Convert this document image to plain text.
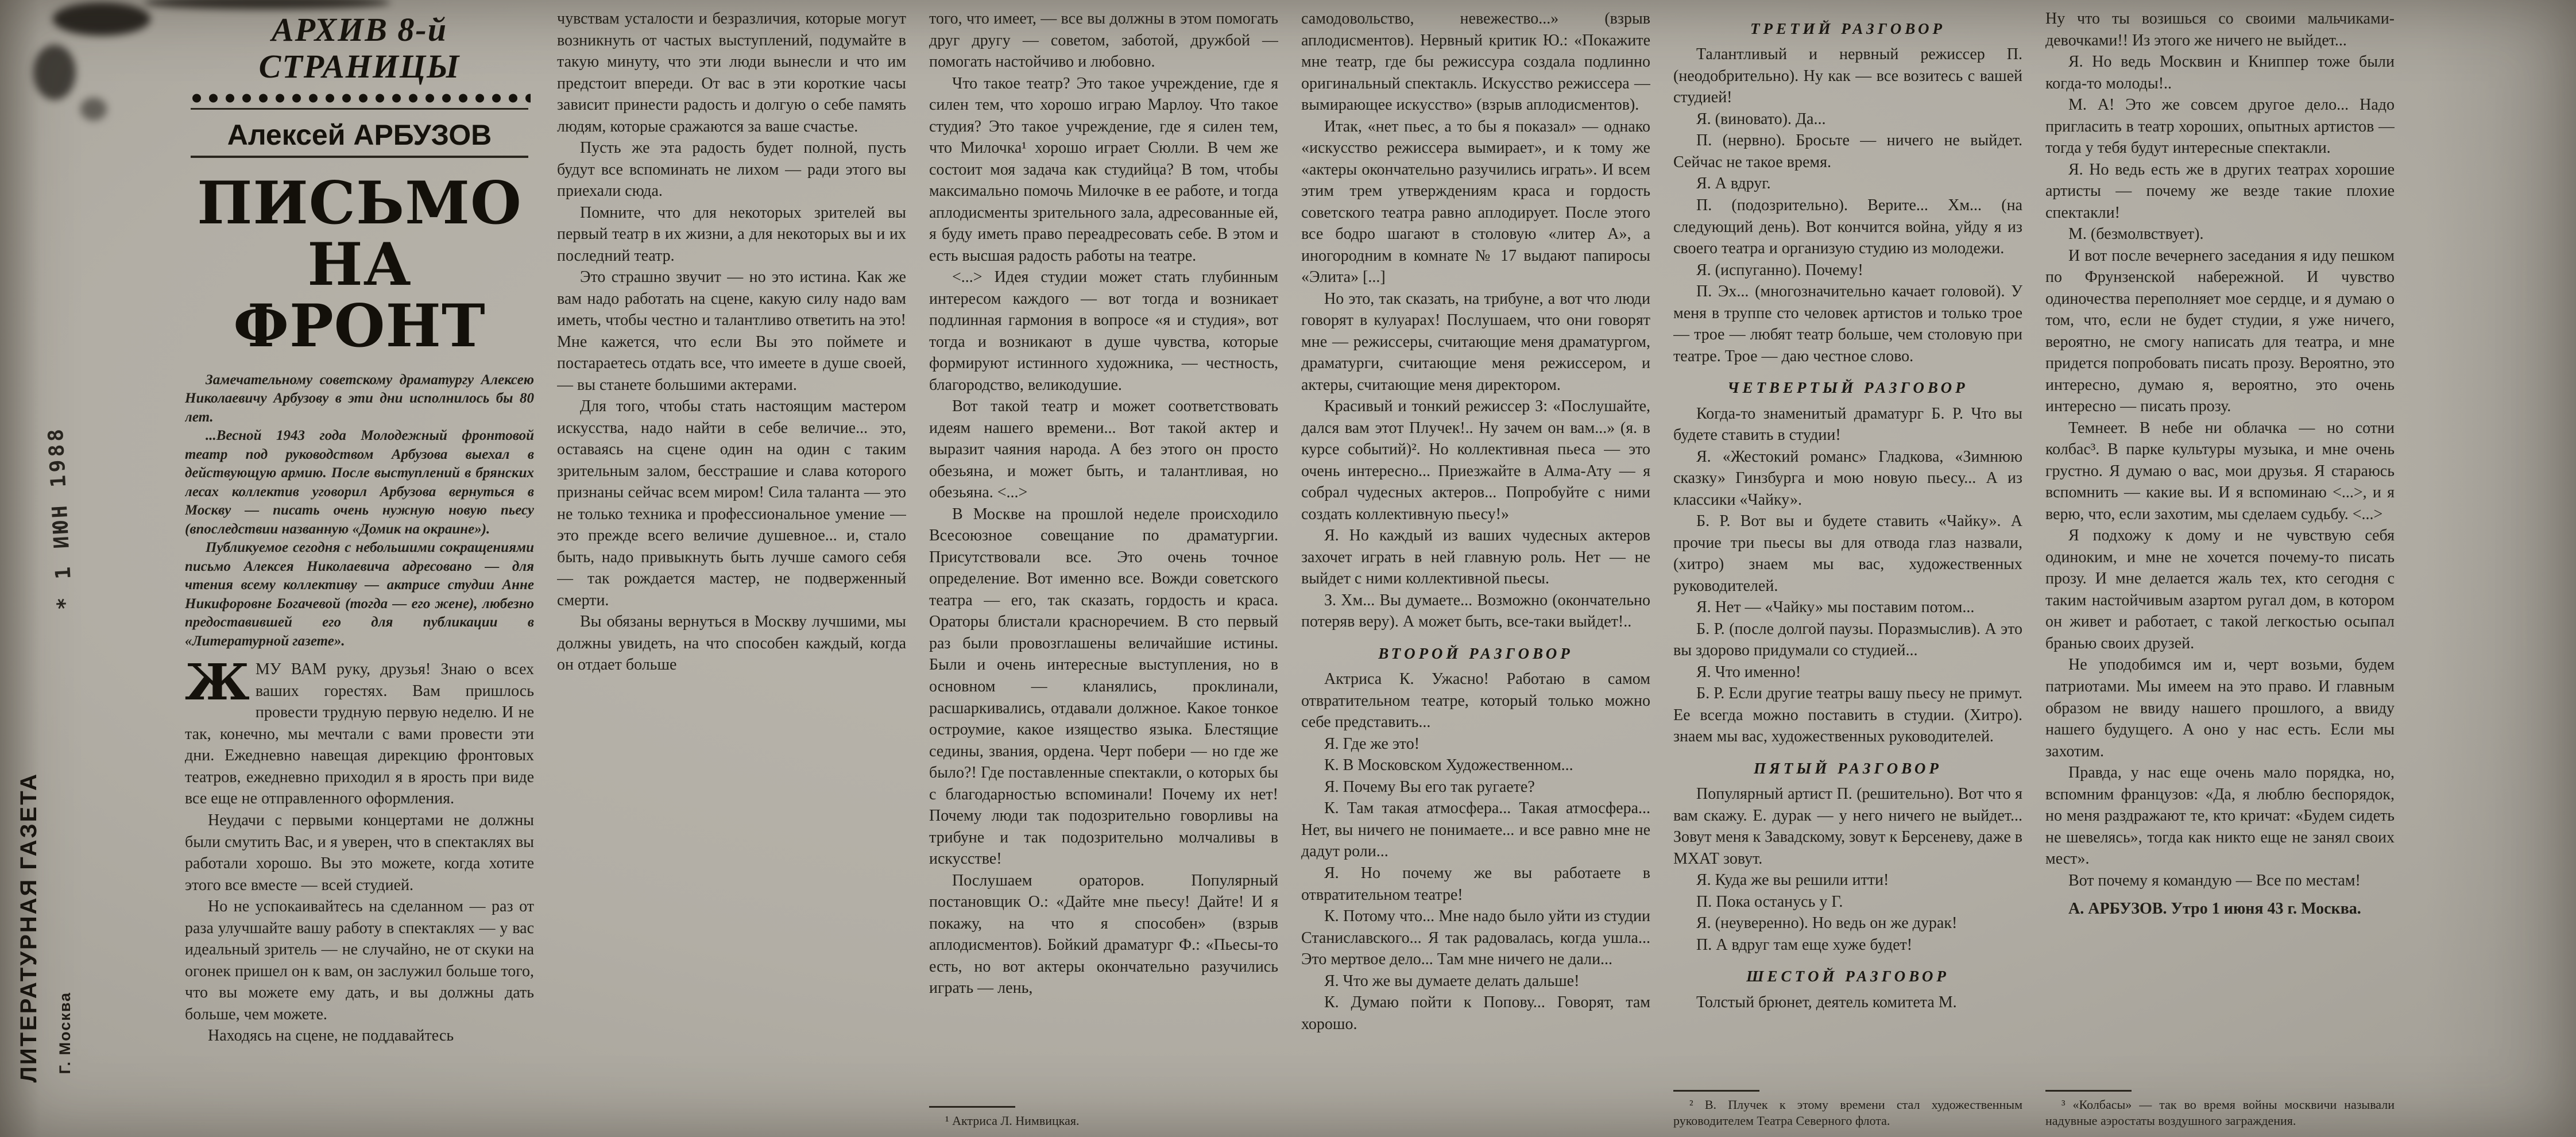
* 1 ИЮН 1988
ЛИТЕРАТУРНАЯ ГАЗЕТА Г. Москва
АРХИВ 8-й СТРАНИЦЫ
Алексей АРБУЗОВ
ПИСЬМО
НА ФРОНТ

Замечательному советскому драматургу Алексею Николаевичу Арбузову в эти дни исполнилось бы 80 лет.

...Весной 1943 года Молодежный фронтовой театр под руководством Арбузова выехал в действующую армию. После выступлений в брянских лесах коллектив уговорил Арбузова вернуться в Москву — писать очень нужную новую пьесу (впоследствии названную «Домик на окраине»).

Публикуемое сегодня с небольшими сокращениями письмо Алексея Николаевича адресовано — для чтения всему коллективу — актрисе студии Анне Никифоровне Богачевой (тогда — его жене), любезно предоставившей его для публикации в «Литературной газете».

ЖМУ ВАМ руку, друзья! Знаю о всех ваших горестях. Вам пришлось провести трудную первую неделю. И не так, конечно, мы мечтали с вами провести эти дни. Ежедневно навещая дирекцию фронтовых театров, ежедневно приходил я в ярость при виде все еще не отправленного оформления.

Неудачи с первыми концертами не должны были смутить Вас, и я уверен, что в спектаклях вы работали хорошо. Вы это можете, когда хотите этого все вместе — всей студией.

Но не успокаивайтесь на сделанном — раз от раза улучшайте вашу работу в спектаклях — у вас идеальный зритель — не случайно, не от скуки на огонек пришел он к вам, он заслужил больше того, что вы можете ему дать, и вы должны дать больше, чем можете.

Находясь на сцене, не поддавайтесь

чувствам усталости и безразличия, которые могут возникнуть от частых выступлений, подумайте в такую минуту, что эти люди вынесли и что им предстоит впереди. От вас в эти короткие часы зависит принести радость и долгую о себе память людям, которые сражаются за ваше счастье.

Пусть же эта радость будет полной, пусть будут все вспоминать не лихом — ради этого вы приехали сюда.

Помните, что для некоторых зрителей вы первый театр в их жизни, а для некоторых вы и их последний театр.

Это страшно звучит — но это истина. Как же вам надо работать на сцене, какую силу надо вам иметь, чтобы честно и талантливо ответить на это! Мне кажется, что если Вы это поймете и постараетесь отдать все, что имеете в душе своей, — вы станете большими актерами.

Для того, чтобы стать настоящим мастером искусства, надо найти в себе величие... это, оставаясь на сцене один на один с таким зрительным залом, бесстрашие и слава которого признаны сейчас всем миром! Сила таланта — это не только техника и профессиональное умение — это прежде всего величие душевное... и, стало быть, надо привыкнуть быть лучше самого себя — так рождается мастер, не подверженный смерти.

Вы обязаны вернуться в Москву лучшими, мы должны увидеть, на что способен каждый, когда он отдает больше

того, что имеет, — все вы должны в этом помогать друг другу — советом, заботой, дружбой — помогать настойчиво и любовно.

Что такое театр? Это такое учреждение, где я силен тем, что хорошо играю Марлоу. Что такое студия? Это такое учреждение, где я силен тем, что Милочка¹ хорошо играет Сюлли. В чем же состоит моя задача как студийца? В том, чтобы максимально помочь Милочке в ее работе, и тогда аплодисменты зрительного зала, адресованные ей, я буду иметь право переадресовать себе. В этом и есть высшая радость работы на театре.

<...> Идея студии может стать глубинным интересом каждого — вот тогда и возникает подлинная гармония в вопросе «я и студия», вот тогда и возникают в душе чувства, которые формируют истинного художника, — честность, благородство, великодушие.

Вот такой театр и может соответствовать идеям нашего времени... Вот такой актер и выразит чаяния народа. А без этого он просто обезьяна, и может быть, и талантливая, но обезьяна. <...>

В Москве на прошлой неделе происходило Всесоюзное совещание по драматургии. Присутствовали все. Это очень точное определение. Вот именно все. Вожди советского театра — его, так сказать, гордость и краса. Ораторы блистали красноречием. В сто первый раз были провозглашены величайшие истины. Были и очень интересные выступления, но в основном — кланялись, проклинали, расшаркивались, отдавали должное. Какое тонкое остроумие, какое изящество языка. Блестящие седины, звания, ордена. Черт побери — но где же было?! Где поставленные спектакли, о которых бы с благодарностью вспоминали! Почему их нет! Почему люди так подозрительно говорливы на трибуне и так подозрительно молчаливы в искусстве!

Послушаем ораторов. Популярный постановщик О.: «Дайте мне пьесу! Дайте! И я покажу, на что я способен» (взрыв аплодисментов). Бойкий драматург Ф.: «Пьесы-то есть, но вот актеры окончательно разучились играть — лень,

¹ Актриса Л. Нимвицкая.

самодовольство, невежество...» (взрыв аплодисментов). Нервный критик Ю.: «Покажите мне театр, где бы режиссура создала подлинно оригинальный спектакль. Искусство режиссера — вымирающее искусство» (взрыв аплодисментов).

Итак, «нет пьес, а то бы я показал» — однако «искусство режиссера вымирает», и к тому же «актеры окончательно разучились играть». И всем этим трем утверждениям краса и гордость советского театра равно аплодирует. После этого все бодро шагают в столовую «литер А», а иногородним в комнате № 17 выдают папиросы «Элита» [...]

Но это, так сказать, на трибуне, а вот что люди говорят в кулуарах! Послушаем, что они говорят мне — режиссеры, считающие меня драматургом, драматурги, считающие меня режиссером, и актеры, считающие меня директором.

Красивый и тонкий режиссер З: «Послушайте, дался вам этот Плучек!.. Ну зачем он вам...» (я. в курсе событий)². Но коллективная пьеса — это очень интересно... Приезжайте в Алма-Ату — я собрал чудесных актеров... Попробуйте с ними создать коллективную пьесу!»

Я. Но каждый из ваших чудесных актеров захочет играть в ней главную роль. Нет — не выйдет с ними коллективной пьесы.

З. Хм... Вы думаете... Возможно (окончательно потеряв веру). А может быть, все-таки выйдет!..

ВТОРОЙ РАЗГОВОР

Актриса К. Ужасно! Работаю в самом отвратительном театре, который только можно себе представить...

Я. Где же это!

К. В Московском Художественном...

Я. Почему Вы его так ругаете?

К. Там такая атмосфера... Такая атмосфера... Нет, вы ничего не понимаете... и все равно мне не дадут роли...

Я. Но почему же вы работаете в отвратительном театре!

К. Потому что... Мне надо было уйти из студии Станиславского... Я так радовалась, когда ушла... Это мертвое дело... Там мне ничего не дали...

Я. Что же вы думаете делать дальше!

К. Думаю пойти к Попову... Говорят, там хорошо.

ТРЕТИЙ РАЗГОВОР

Талантливый и нервный режиссер П. (неодобрительно). Ну как — все возитесь с вашей студией!

Я. (виновато). Да...

П. (нервно). Бросьте — ничего не выйдет. Сейчас не такое время.

Я. А вдруг.

П. (подозрительно). Верите... Хм... (на следующий день). Вот кончится война, уйду я из своего театра и организую студию из молодежи.

Я. (испуганно). Почему!

П. Эх... (многозначительно качает головой). У меня в труппе сто человек артистов и только трое — трое — любят театр больше, чем столовую при театре. Трое — даю честное слово.

ЧЕТВЕРТЫЙ РАЗГОВОР

Когда-то знаменитый драматург Б. Р. Что вы будете ставить в студии!

Я. «Жестокий романс» Гладкова, «Зимнюю сказку» Гинзбурга и мою новую пьесу... А из классики «Чайку».

Б. Р. Вот вы и будете ставить «Чайку». А прочие три пьесы вы для отвода глаз назвали, (хитро) знаем мы вас, художественных руководителей.

Я. Нет — «Чайку» мы поставим потом...

Б. Р. (после долгой паузы. Поразмыслив). А это вы здорово придумали со студией...

Я. Что именно!

Б. Р. Если другие театры вашу пьесу не примут. Ее всегда можно поставить в студии. (Хитро). знаем мы вас, художественных руководителей.

ПЯТЫЙ РАЗГОВОР

Популярный артист П. (решительно). Вот что я вам скажу. Е. дурак — у него ничего не выйдет... Зовут меня к Завадскому, зовут к Берсеневу, даже в МХАТ зовут.

Я. Куда же вы решили итти!

П. Пока останусь у Г.

Я. (неуверенно). Но ведь он же дурак!

П. А вдруг там еще хуже будет!

ШЕСТОЙ РАЗГОВОР

Толстый брюнет, деятель комитета М.

² В. Плучек к этому времени стал художественным руководителем Театра Северного флота.

Ну что ты возишься со своими мальчиками-девочками!! Из этого же ничего не выйдет...

Я. Но ведь Москвин и Книппер тоже были когда-то молоды!..

М. А! Это же совсем другое дело... Надо пригласить в театр хороших, опытных артистов — тогда у тебя будут интересные спектакли.

Я. Но ведь есть же в других театрах хорошие артисты — почему же везде такие плохие спектакли!

М. (безмолвствует).

И вот после вечернего заседания я иду пешком по Фрунзенской набережной. И чувство одиночества переполняет мое сердце, и я думаю о том, что, если не будет студии, я уже ничего, вероятно, не смогу написать для театра, и мне придется попробовать писать прозу. Вероятно, это интересно, думаю я, вероятно, это очень интересно — писать прозу.

Темнеет. В небе ни облачка — но сотни колбас³. В парке культуры музыка, и мне очень грустно. Я думаю о вас, мои друзья. Я стараюсь вспомнить — какие вы. И я вспоминаю <...>, и я верю, что, если захотим, мы сделаем судьбу. <...>

Я подхожу к дому и не чувствую себя одиноким, и мне не хочется почему-то писать прозу. И мне делается жаль тех, кто сегодня с таким настойчивым азартом ругал дом, в котором он живет и работает, с такой легкостью осыпал бранью своих друзей.

Не уподобимся им и, черт возьми, будем патриотами. Мы имеем на это право. И главным образом не ввиду нашего прошлого, а ввиду нашего будущего. А оно у нас есть. Если мы захотим.

Правда, у нас еще очень мало порядка, но, вспомним французов: «Да, я люблю беспорядок, но меня раздражают те, кто кричат: «Будем сидеть не шевелясь», тогда как никто еще не занял своих мест».

Вот почему я командую — Все по местам!

А. АРБУЗОВ. Утро 1 июня 43 г. Москва.

³ «Колбасы» — так во время войны москвичи называли надувные аэростаты воздушного заграждения.
